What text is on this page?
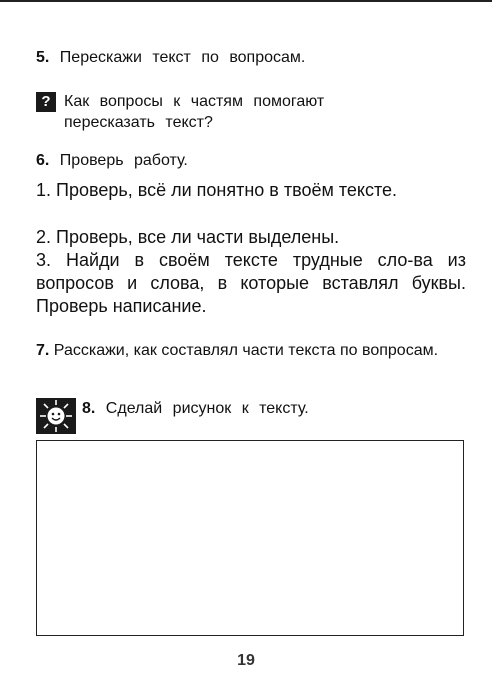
5. Перескажи текст по вопросам.
? Как вопросы к частям помогают
пересказать текст?
6. Проверь работу.
1. Проверь, всё ли понятно в твоём тексте.
2. Проверь, все ли части выделены.
3. Найди в своём тексте трудные сло-ва из вопросов и слова, в которые вставлял буквы. Проверь написание.
7. Расскажи, как составлял части текста по вопросам.
8. Сделай рисунок к тексту.
19
